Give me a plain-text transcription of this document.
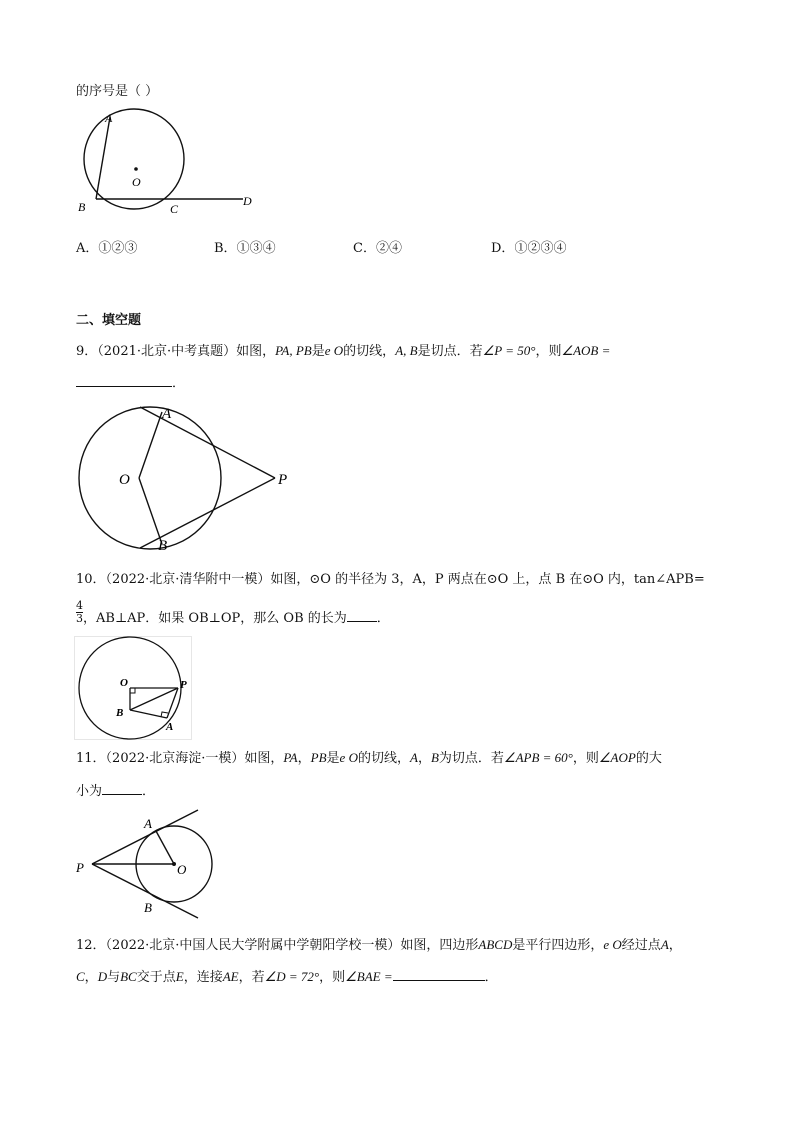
的序号是（ ）
A
O
B	C
D
A．①②③	B．①③④	C．②④	D．①②③④
二、填空题
9．（2021·北京·中考真题）如图，PA, PB是e O的切线，A, B是切点．若∠P = 50°，则∠AOB =
．
A
O	P
B
10．（2022·北京·清华附中一模）如图，⊙O 的半径为 3，A，P 两点在⊙O 上，点 B 在⊙O 内，tan∠APB=
$\frac{4}{3}$ ，AB⊥AP．如果 OB⊥OP，那么 OB 的长为 ．
O	P
B
A
11．（2022·北京海淀·一模）如图，PA，PB是e O的切线，A，B为切点．若∠APB = 60°，则∠AOP的大
小为	．
A
P	O
B
12．（2022·北京·中国人民大学附属中学朝阳学校一模）如图，四边形ABCD是平行四边形，e O经过点A，
C，D与BC交于点E，连接AE，若∠D = 72°，则∠BAE =	．
